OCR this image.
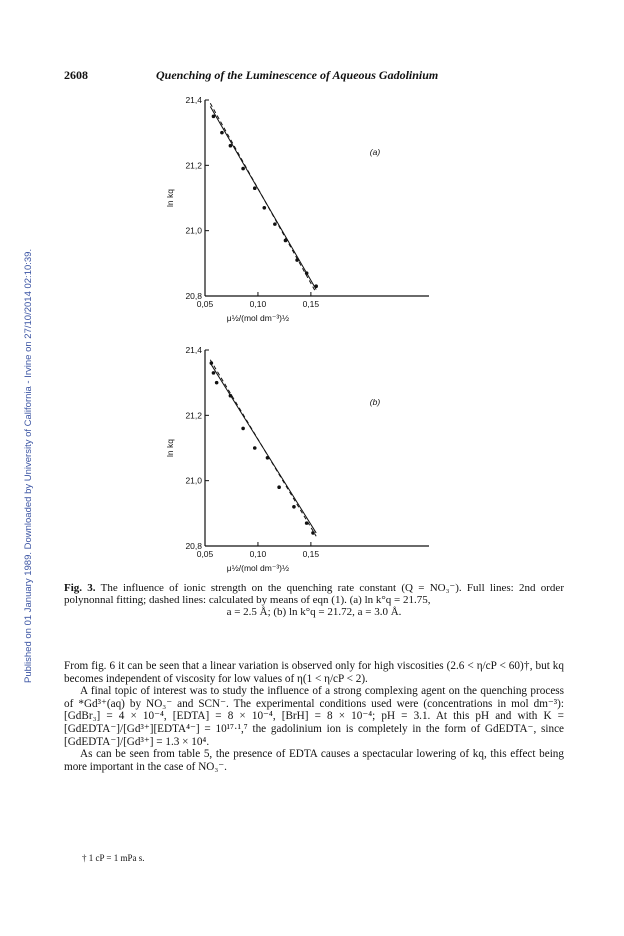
Published on 01 January 1989. Downloaded by University of California - Irvine on 27/10/2014 02:10:39.
2608	Quenching of the Luminescence of Aqueous Gadolinium
0,05	0,10	0,15
20,8
21,0
21,2
21,4
ln kq
μ½/(mol dm⁻³)½
(a)
0,05	0,10	0,15
20,8
21,0
21,2
21,4
ln kq
μ½/(mol dm⁻³)½
(b)
Fig. 3. The influence of ionic strength on the quenching rate constant (Q = NO₃⁻). Full lines: 2nd order polynonnal fitting; dashed lines: calculated by means of eqn (1). (a) ln k°q = 21.75,
a = 2.5 Å; (b) ln k°q = 21.72, a = 3.0 Å.

From fig. 6 it can be seen that a linear variation is observed only for high viscosities (2.6 < η/cP < 60)†, but kq becomes independent of viscosity for low values of η(1 < η/cP < 2).

A final topic of interest was to study the influence of a strong complexing agent on the quenching process of *Gd³⁺(aq) by NO₃⁻ and SCN⁻. The experimental conditions used were (concentrations in mol dm⁻³): [GdBr₃] = 4 × 10⁻⁴, [EDTA] = 8 × 10⁻⁴, [BrH] = 8 × 10⁻⁴; pH = 3.1. At this pH and with K = [GdEDTA⁻]/[Gd³⁺][EDTA⁴⁻] = 10¹⁷·¹,⁷ the gadolinium ion is completely in the form of GdEDTA⁻, since [GdEDTA⁻]/[Gd³⁺] = 1.3 × 10⁴.

As can be seen from table 5, the presence of EDTA causes a spectacular lowering of kq, this effect being more important in the case of NO₃⁻.

† 1 cP = 1 mPa s.
